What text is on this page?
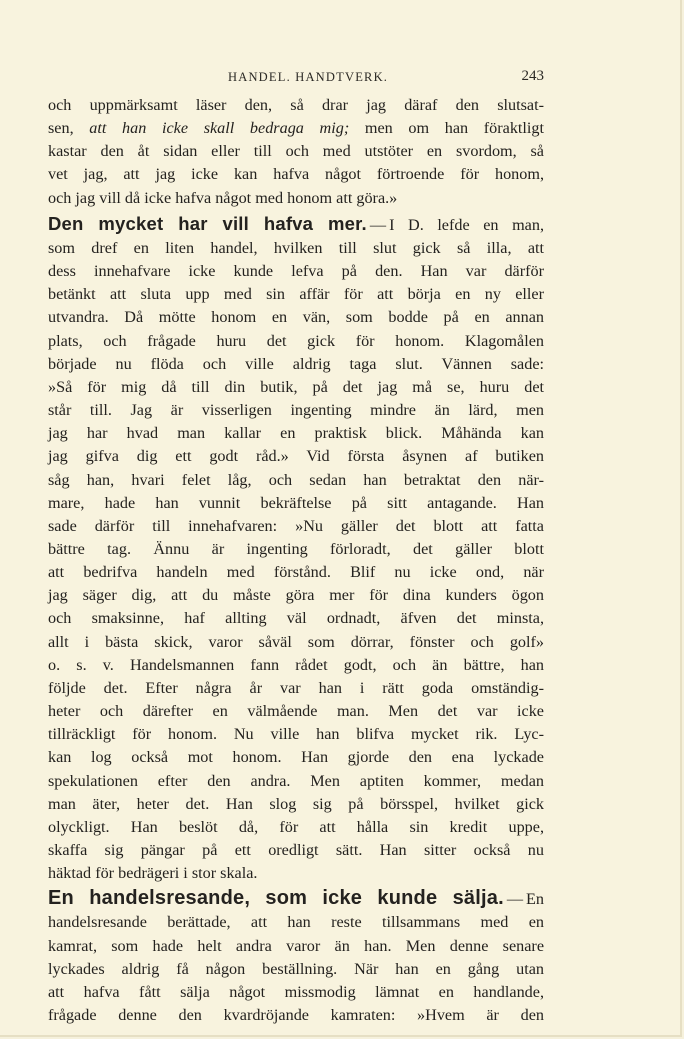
HANDEL. HANDTVERK.	243

och uppmärksamt läser den, så drar jag däraf den slutsat-
sen, att han icke skall bedraga mig; men om han föraktligt
kastar den åt sidan eller till och med utstöter en svordom, så
vet jag, att jag icke kan hafva något förtroende för honom,
och jag vill då icke hafva något med honom att göra.»

Den mycket har vill hafva mer. — I D. lefde en man,
som dref en liten handel, hvilken till slut gick så illa, att
dess innehafvare icke kunde lefva på den. Han var därför
betänkt att sluta upp med sin affär för att börja en ny eller
utvandra. Då mötte honom en vän, som bodde på en annan
plats, och frågade huru det gick för honom. Klagomålen
började nu flöda och ville aldrig taga slut. Vännen sade:
»Så för mig då till din butik, på det jag må se, huru det
står till. Jag är visserligen ingenting mindre än lärd, men
jag har hvad man kallar en praktisk blick. Måhända kan
jag gifva dig ett godt råd.» Vid första åsynen af butiken
såg han, hvari felet låg, och sedan han betraktat den när-
mare, hade han vunnit bekräftelse på sitt antagande. Han
sade därför till innehafvaren: »Nu gäller det blott att fatta
bättre tag. Ännu är ingenting förloradt, det gäller blott
att bedrifva handeln med förstånd. Blif nu icke ond, när
jag säger dig, att du måste göra mer för dina kunders ögon
och smaksinne, haf allting väl ordnadt, äfven det minsta,
allt i bästa skick, varor såväl som dörrar, fönster och golf»
o. s. v. Handelsmannen fann rådet godt, och än bättre, han
följde det. Efter några år var han i rätt goda omständig-
heter och därefter en välmående man. Men det var icke
tillräckligt för honom. Nu ville han blifva mycket rik. Lyc-
kan log också mot honom. Han gjorde den ena lyckade
spekulationen efter den andra. Men aptiten kommer, medan
man äter, heter det. Han slog sig på börsspel, hvilket gick
olyckligt. Han beslöt då, för att hålla sin kredit uppe,
skaffa sig pängar på ett oredligt sätt. Han sitter också nu
häktad för bedrägeri i stor skala.

En handelsresande, som icke kunde sälja. — En
handelsresande berättade, att han reste tillsammans med en
kamrat, som hade helt andra varor än han. Men denne senare
lyckades aldrig få någon beställning. När han en gång utan
att hafva fått sälja något missmodig lämnat en handlande,
frågade denne den kvardröjande kamraten: »Hvem är den
